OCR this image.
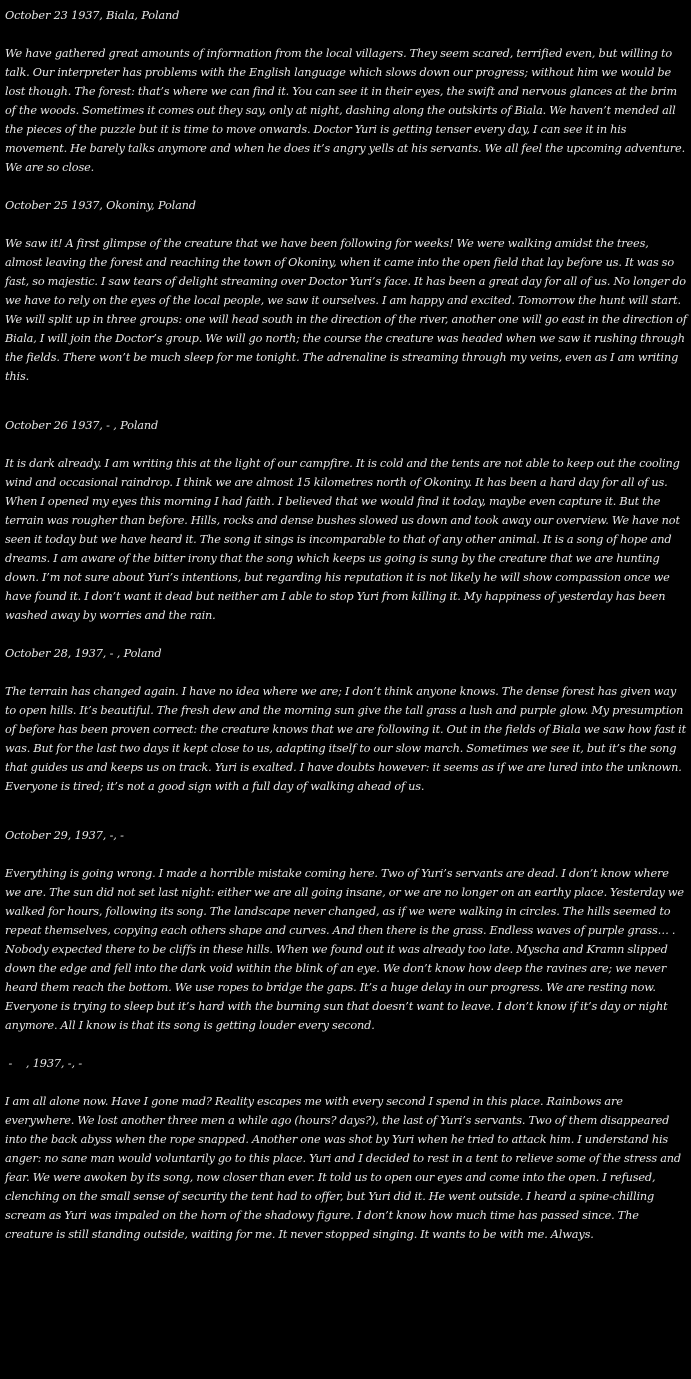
October 23 1937, Biala, Poland

We have gathered great amounts of information from the local villagers. They seem scared, terrified even, but willing to talk. Our interpreter has problems with the English language which slows down our progress; without him we would be lost though. The forest: that’s where we can find it. You can see it in their eyes, the swift and nervous glances at the brim of the woods. Sometimes it comes out they say, only at night, dashing along the outskirts of Biala. We haven’t mended all the pieces of the puzzle but it is time to move onwards. Doctor Yuri is getting tenser every day, I can see it in his movement. He barely talks anymore and when he does it’s angry yells at his servants. We all feel the upcoming adventure. We are so close.

October 25 1937, Okoniny, Poland

We saw it! A first glimpse of the creature that we have been following for weeks! We were walking amidst the trees, almost leaving the forest and reaching the town of Okoniny, when it came into the open field that lay before us. It was so fast, so majestic. I saw tears of delight streaming over Doctor Yuri’s face. It has been a great day for all of us. No longer do we have to rely on the eyes of the local people, we saw it ourselves. I am happy and excited. Tomorrow the hunt will start. We will split up in three groups: one will head south in the direction of the river, another one will go east in the direction of Biala, I will join the Doctor’s group. We will go north; the course the creature was headed when we saw it rushing through the fields. There won’t be much sleep for me tonight. The adrenaline is streaming through my veins, even as I am writing this.

October 26 1937, - , Poland

It is dark already. I am writing this at the light of our campfire. It is cold and the tents are not able to keep out the cooling wind and occasional raindrop. I think we are almost 15 kilometres north of Okoniny. It has been a hard day for all of us. When I opened my eyes this morning I had faith. I believed that we would find it today, maybe even capture it. But the terrain was rougher than before. Hills, rocks and dense bushes slowed us down and took away our overview. We have not seen it today but we have heard it. The song it sings is incomparable to that of any other animal. It is a song of hope and dreams. I am aware of the bitter irony that the song which keeps us going is sung by the creature that we are hunting down. I’m not sure about Yuri’s intentions, but regarding his reputation it is not likely he will show compassion once we have found it. I don’t want it dead but neither am I able to stop Yuri from killing it. My happiness of yesterday has been washed away by worries and the rain.

October 28, 1937, - , Poland

The terrain has changed again. I have no idea where we are; I don’t think anyone knows. The dense forest has given way to open hills. It’s beautiful. The fresh dew and the morning sun give the tall grass a lush and purple glow. My presumption of before has been proven correct: the creature knows that we are following it. Out in the fields of Biala we saw how fast it was. But for the last two days it kept close to us, adapting itself to our slow march. Sometimes we see it, but it’s the song that guides us and keeps us on track. Yuri is exalted. I have doubts however: it seems as if we are lured into the unknown. Everyone is tired; it’s not a good sign with a full day of walking ahead of us.

October 29, 1937, -, -

Everything is going wrong. I made a horrible mistake coming here. Two of Yuri’s servants are dead. I don’t know where we are. The sun did not set last night: either we are all going insane, or we are no longer on an earthy place. Yesterday we walked for hours, following its song. The landscape never changed, as if we were walking in circles. The hills seemed to repeat themselves, copying each others shape and curves. And then there is the grass. Endless waves of purple grass… . Nobody expected there to be cliffs in these hills. When we found out it was already too late. Myscha and Kramn slipped down the edge and fell into the dark void within the blink of an eye. We don’t know how deep the ravines are; we never heard them reach the bottom. We use ropes to bridge the gaps. It’s a huge delay in our progress. We are resting now. Everyone is trying to sleep but it’s hard with the burning sun that doesn’t want to leave. I don’t know if it’s day or night anymore. All I know is that its song is getting louder every second.

-    , 1937, -, -

I am all alone now. Have I gone mad? Reality escapes me with every second I spend in this place. Rainbows are everywhere. We lost another three men a while ago (hours? days?), the last of Yuri’s servants. Two of them disappeared into the back abyss when the rope snapped. Another one was shot by Yuri when he tried to attack him. I understand his anger: no sane man would voluntarily go to this place. Yuri and I decided to rest in a tent to relieve some of the stress and fear. We were awoken by its song, now closer than ever. It told us to open our eyes and come into the open. I refused, clenching on the small sense of security the tent had to offer, but Yuri did it. He went outside. I heard a spine-chilling scream as Yuri was impaled on the horn of the shadowy figure. I don’t know how much time has passed since. The creature is still standing outside, waiting for me. It never stopped singing. It wants to be with me. Always.
